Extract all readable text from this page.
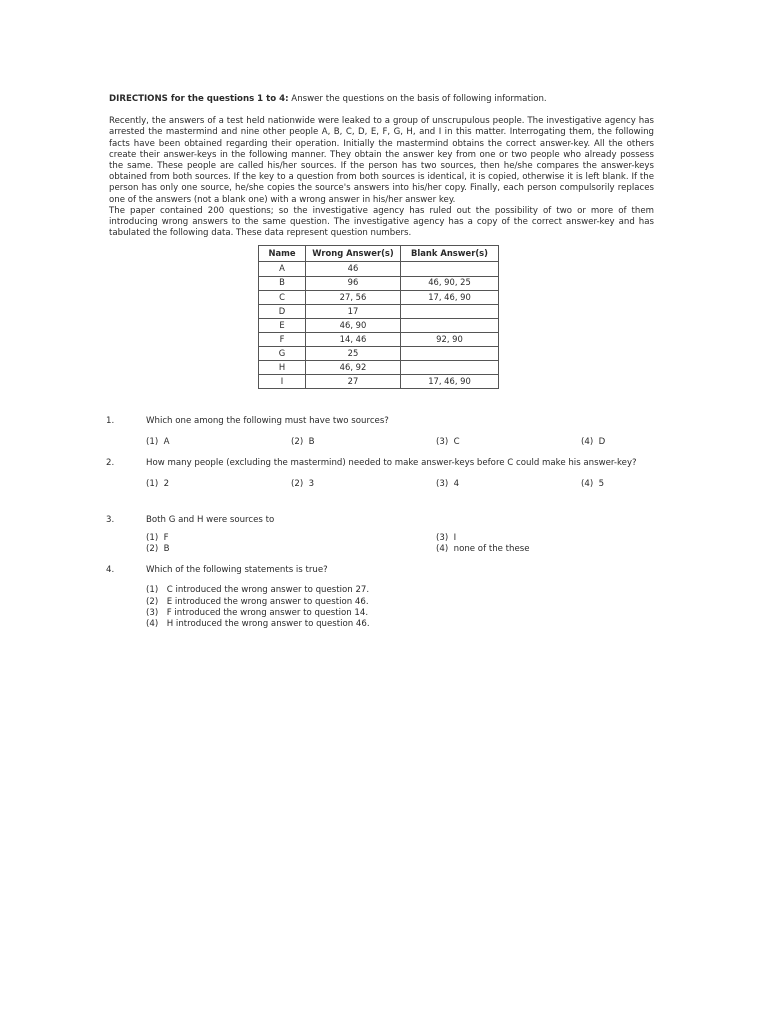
DIRECTIONS for the questions 1 to 4: Answer the questions on the basis of following information.

Recently, the answers of a test held nationwide were leaked to a group of unscrupulous people. The investigative agency has arrested the mastermind and nine other people A, B, C, D, E, F, G, H, and I in this matter. Interrogating them, the following facts have been obtained regarding their operation. Initially the mastermind obtains the correct answer-key. All the others create their answer-keys in the following manner. They obtain the answer key from one or two people who already possess the same. These people are called his/her sources. If the person has two sources, then he/she compares the answer-keys obtained from both sources. If the key to a question from both sources is identical, it is copied, otherwise it is left blank. If the person has only one source, he/she copies the source's answers into his/her copy. Finally, each person compulsorily replaces one of the answers (not a blank one) with a wrong answer in his/her answer key.

The paper contained 200 questions; so the investigative agency has ruled out the possibility of two or more of them introducing wrong answers to the same question. The investigative agency has a copy of the correct answer-key and has tabulated the following data. These data represent question numbers.

Name	Wrong Answer(s)	Blank Answer(s)
A	46	
B	96	46, 90, 25
C	27, 56	17, 46, 90
D	17	
E	46, 90	
F	14, 46	92, 90
G	25	
H	46, 92	
I	27	17, 46, 90
1.	Which one among the following must have two sources?
(1)  A	(2)  B	(3)  C	(4)  D
2.	How many people (excluding the mastermind) needed to make answer-keys before C could make his answer-key?
(1)  2	(2)  3	(3)  4	(4)  5
3.	Both G and H were sources to
(1)  F	(3)  I
(2)  B	(4)  none of the these
4.	Which of the following statements is true?
(1) C introduced the wrong answer to question 27.
(2) E introduced the wrong answer to question 46.
(3) F introduced the wrong answer to question 14.
(4) H introduced the wrong answer to question 46.
